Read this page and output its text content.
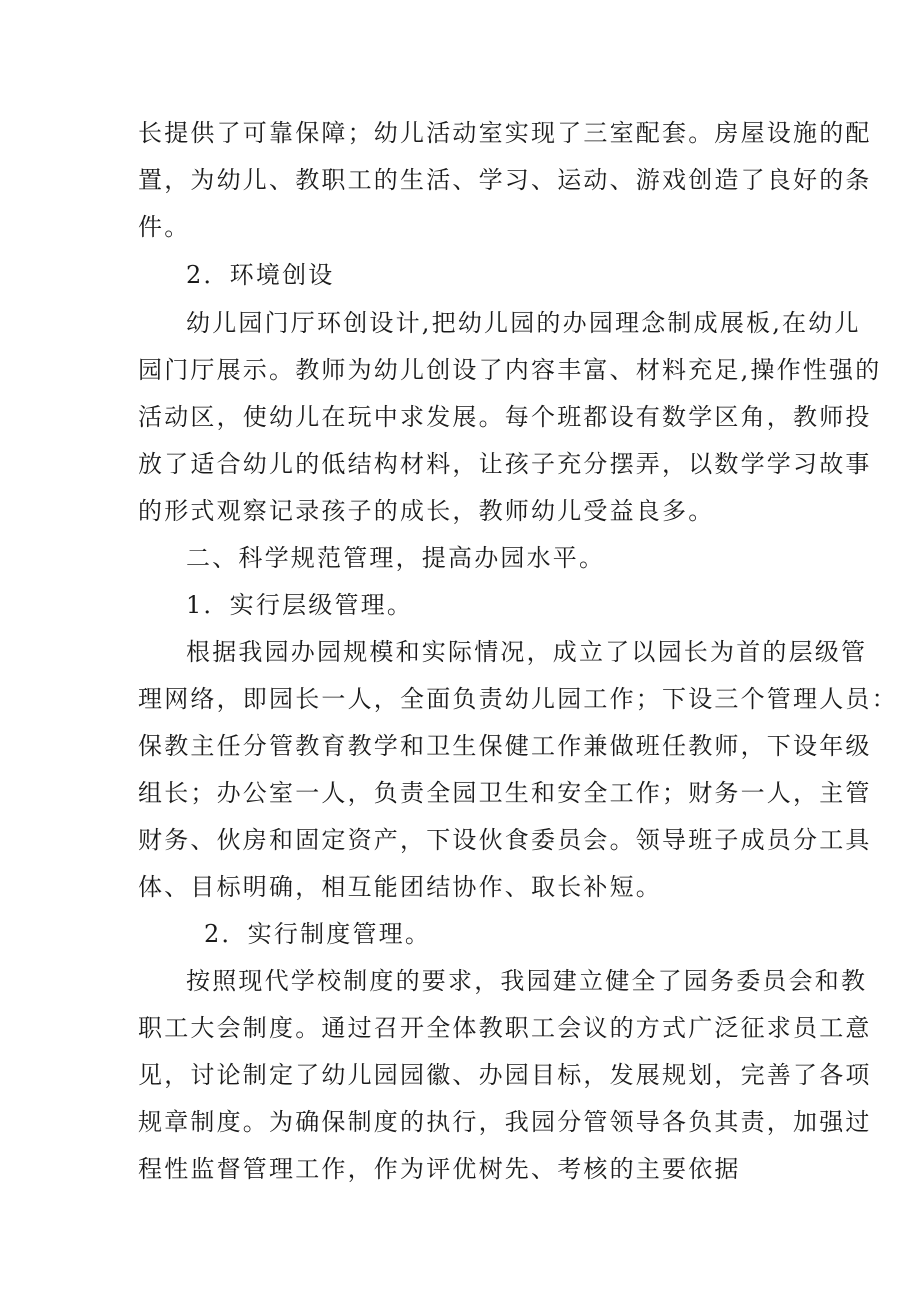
长提供了可靠保障；幼儿活动室实现了三室配套。房屋设施的配
置，为幼儿、教职工的生活、学习、运动、游戏创造了良好的条
件。
2．环境创设
幼儿园门厅环创设计,把幼儿园的办园理念制成展板,在幼儿
园门厅展示。教师为幼儿创设了内容丰富、材料充足,操作性强的
活动区，使幼儿在玩中求发展。每个班都设有数学区角，教师投
放了适合幼儿的低结构材料，让孩子充分摆弄，以数学学习故事
的形式观察记录孩子的成长，教师幼儿受益良多。
二、科学规范管理，提高办园水平。
1．实行层级管理。
根据我园办园规模和实际情况，成立了以园长为首的层级管
理网络，即园长一人，全面负责幼儿园工作；下设三个管理人员：
保教主任分管教育教学和卫生保健工作兼做班任教师，下设年级
组长；办公室一人，负责全园卫生和安全工作；财务一人，主管
财务、伙房和固定资产，下设伙食委员会。领导班子成员分工具
体、目标明确，相互能团结协作、取长补短。
2．实行制度管理。
按照现代学校制度的要求，我园建立健全了园务委员会和教
职工大会制度。通过召开全体教职工会议的方式广泛征求员工意
见，讨论制定了幼儿园园徽、办园目标，发展规划，完善了各项
规章制度。为确保制度的执行，我园分管领导各负其责，加强过
程性监督管理工作，作为评优树先、考核的主要依据
